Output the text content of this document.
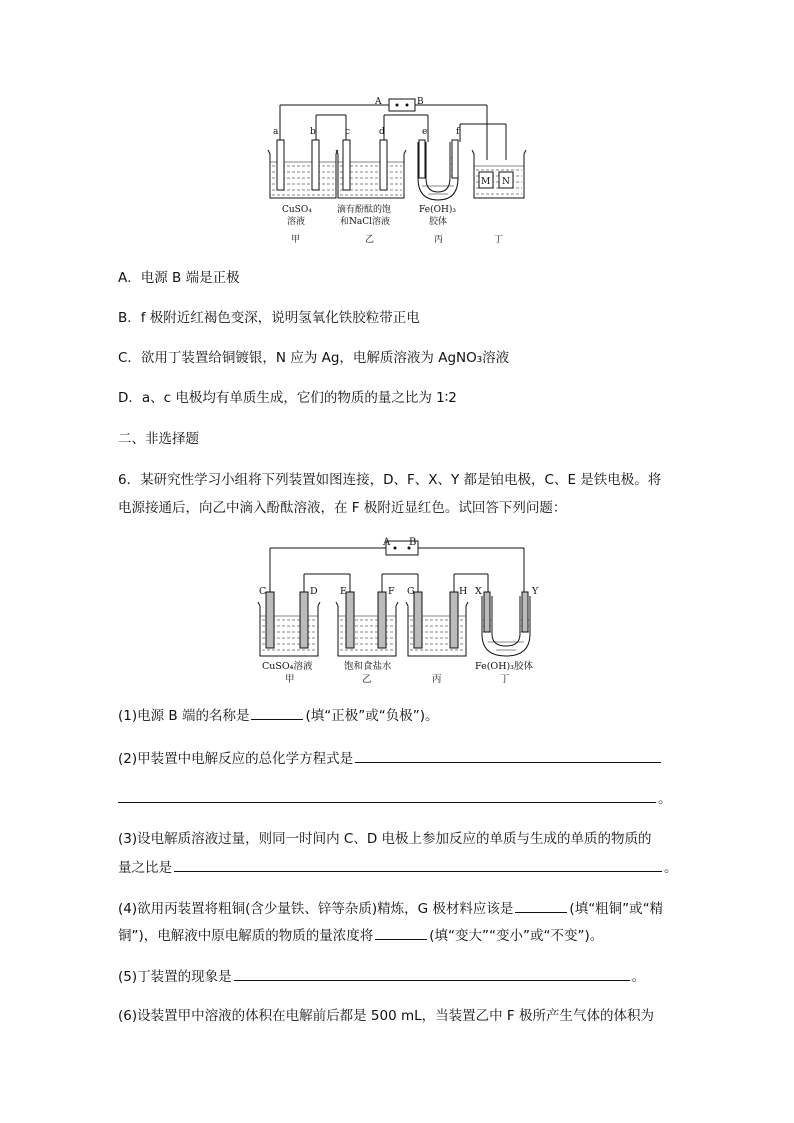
A	B
a	b	c	d	e	f
M N
CuSO₄
溶液
滴有酚酞的饱
和NaCl溶液
Fe(OH)₃
胶体
甲	乙	丙	丁
A．电源 B 端是正极
B．f 极附近红褐色变深，说明氢氧化铁胶粒带正电
C．欲用丁装置给铜镀银，N 应为 Ag，电解质溶液为 AgNO₃溶液
D．a、c 电极均有单质生成，它们的物质的量之比为 1∶2
二、非选择题
6．某研究性学习小组将下列装置如图连接，D、F、X、Y 都是铂电极，C、E 是铁电极。将
电源接通后，向乙中滴入酚酞溶液，在 F 极附近显红色。试回答下列问题：
C	D E	F G	H X	Y
CuSO₄溶液	饱和食盐水	Fe(OH)₃胶体
甲	乙	丙	丁
A B
(1)电源 B 端的名称是	(填“正极”或“负极”)。
(2)甲装置中电解反应的总化学方程式是
。
(3)设电解质溶液过量，则同一时间内 C、D 电极上参加反应的单质与生成的单质的物质的
量之比是	。
(4)欲用丙装置将粗铜(含少量铁、锌等杂质)精炼，G 极材料应该是	(填“粗铜”或“精
铜”)，电解液中原电解质的物质的量浓度将	(填“变大”“变小”或“不变”)。
(5)丁装置的现象是	。
(6)设装置甲中溶液的体积在电解前后都是 500 mL，当装置乙中 F 极所产生气体的体积为
